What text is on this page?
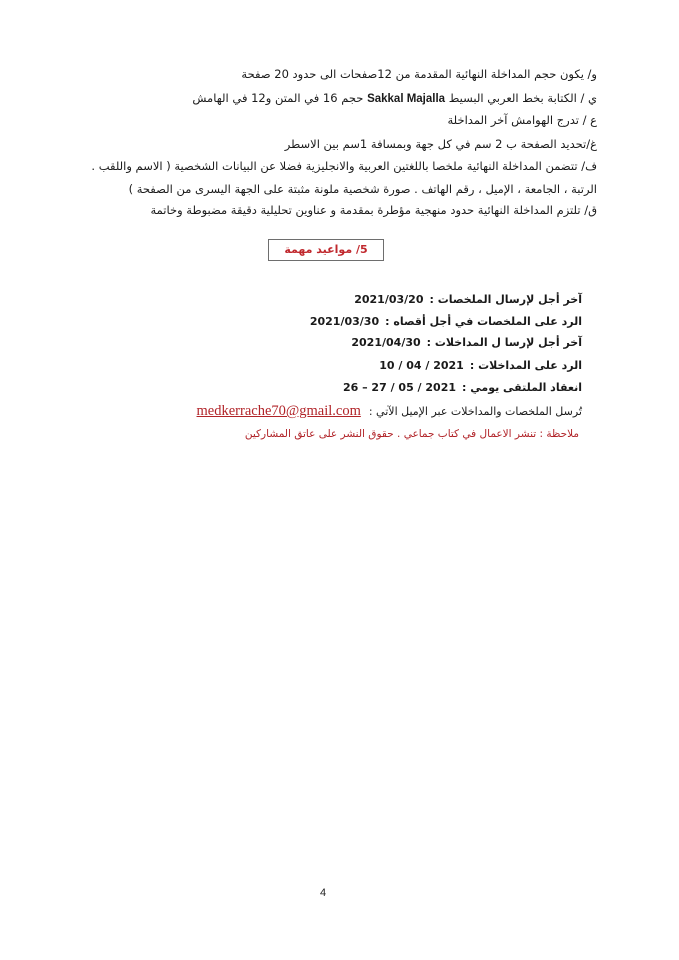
و/ يكون حجم المداخلة النهائية المقدمة من 12صفحات الى حدود 20 صفحة
ي / الكتابة بخط العربي البسيط Sakkal Majalla حجم 16 في المتن و12 في الهامش
ع / تدرج الهوامش آخر المداخلة
غ/تحديد الصفحة ب 2 سم في كل جهة وبمسافة 1سم بين الاسطر
ف/ تتضمن المداخلة النهائية ملخصا باللغتين العربية والانجليزية فضلا عن البيانات الشخصية ( الاسم واللقب .
الرتبة ، الجامعة ، الإميل ، رقم الهاتف . صورة شخصية ملونة مثبتة على الجهة اليسرى من الصفحة )
ق/ تلتزم المداخلة النهائية حدود منهجية مؤطرة بمقدمة و عناوين تحليلية دقيقة مضبوطة وخاتمة
5/ مواعيد مهمة
آخر أجل لإرسال الملخصات :2021/03/20
الرد على الملخصات في أجل أقصاه :2021/03/30
آخر أجل لإرسا ل المداخلات :2021/04/30
الرد على المداخلات :10 / 04 / 2021
انعقاد الملتقى يومي :26 – 27 / 05 / 2021
تُرسل الملخصات والمداخلات عبر الإميل الآتي :medkerrache70@gmail.com
ملاحظة : تنشر الاعمال في كتاب جماعي . حقوق النشر على عاتق المشاركين
4
